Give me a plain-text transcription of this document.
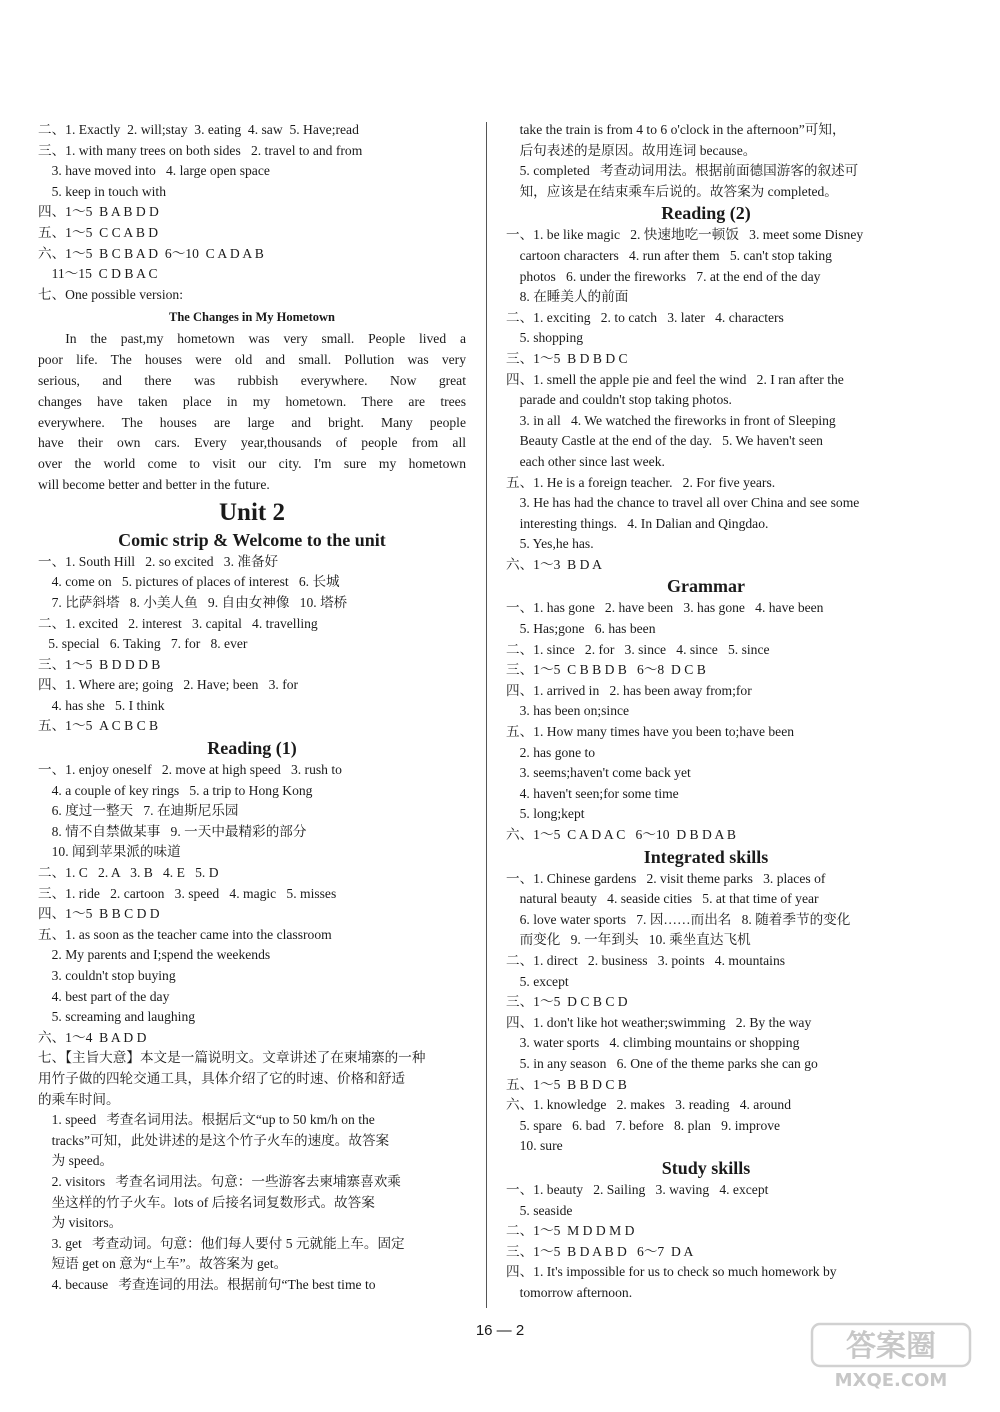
二、1. Exactly  2. will;stay  3. eating  4. saw  5. Have;read
三、1. with many trees on both sides   2. travel to and from
3. have moved into   4. large open space
5. keep in touch with
四、1～5  B A B D D
五、1～5  C C A B D
六、1～5  B C B A D  6～10  C A D A B
11～15  C D B A C
七、One possible version:
The Changes in My Hometown
In the past,my hometown was very small. People lived a
poor life. The houses were old and small. Pollution was very
serious, and there was rubbish everywhere. Now great
changes have taken place in my hometown. There are trees
everywhere. The houses are large and bright. Many people
have their own cars. Every year,thousands of people from all
over the world come to visit our city. I'm sure my hometown
will become better and better in the future.
Unit 2
Comic strip & Welcome to the unit
一、1. South Hill   2. so excited   3. 准备好
4. come on   5. pictures of places of interest   6. 长城
7. 比萨斜塔   8. 小美人鱼   9. 自由女神像   10. 塔桥
二、1. excited   2. interest   3. capital   4. travelling
5. special   6. Taking   7. for   8. ever
三、1～5  B D D D B
四、1. Where are; going   2. Have; been   3. for
4. has she   5. I think
五、1～5  A C B C B
Reading (1)
一、1. enjoy oneself   2. move at high speed   3. rush to
4. a couple of key rings   5. a trip to Hong Kong
6. 度过一整天   7. 在迪斯尼乐园
8. 情不自禁做某事   9. 一天中最精彩的部分
10. 闻到苹果派的味道
二、1. C   2. A   3. B   4. E   5. D
三、1. ride   2. cartoon   3. speed   4. magic   5. misses
四、1～5  B B C D D
五、1. as soon as the teacher came into the classroom
2. My parents and I;spend the weekends
3. couldn't stop buying
4. best part of the day
5. screaming and laughing
六、1～4  B A D D
七、【主旨大意】本文是一篇说明文。文章讲述了在柬埔寨的一种
用竹子做的四轮交通工具，具体介绍了它的时速、价格和舒适
的乘车时间。
1. speed   考查名词用法。根据后文“up to 50 km/h on the
tracks”可知，此处讲述的是这个竹子火车的速度。故答案
为 speed。
2. visitors   考查名词用法。句意：一些游客去柬埔寨喜欢乘
坐这样的竹子火车。lots of 后接名词复数形式。故答案
为 visitors。
3. get   考查动词。句意：他们每人要付 5 元就能上车。固定
短语 get on 意为“上车”。故答案为 get。
4. because   考查连词的用法。根据前句“The best time to
take the train is from 4 to 6 o'clock in the afternoon”可知，
后句表述的是原因。故用连词 because。
5. completed   考查动词用法。根据前面德国游客的叙述可
知，应该是在结束乘车后说的。故答案为 completed。
Reading (2)
一、1. be like magic   2. 快速地吃一顿饭   3. meet some Disney
cartoon characters   4. run after them   5. can't stop taking
photos   6. under the fireworks   7. at the end of the day
8. 在睡美人的前面
二、1. exciting   2. to catch   3. later   4. characters
5. shopping
三、1～5  B D B D C
四、1. smell the apple pie and feel the wind   2. I ran after the
parade and couldn't stop taking photos.
3. in all   4. We watched the fireworks in front of Sleeping
Beauty Castle at the end of the day.   5. We haven't seen
each other since last week.
五、1. He is a foreign teacher.   2. For five years.
3. He has had the chance to travel all over China and see some
interesting things.   4. In Dalian and Qingdao.
5. Yes,he has.
六、1～3  B D A
Grammar
一、1. has gone   2. have been   3. has gone   4. have been
5. Has;gone   6. has been
二、1. since   2. for   3. since   4. since   5. since
三、1～5  C B B D B   6～8  D C B
四、1. arrived in   2. has been away from;for
3. has been on;since
五、1. How many times have you been to;have been
2. has gone to
3. seems;haven't come back yet
4. haven't seen;for some time
5. long;kept
六、1～5  C A D A C   6～10  D B D A B
Integrated skills
一、1. Chinese gardens   2. visit theme parks   3. places of
natural beauty   4. seaside cities   5. at that time of year
6. love water sports   7. 因……而出名   8. 随着季节的变化
而变化   9. 一年到头   10. 乘坐直达飞机
二、1. direct   2. business   3. points   4. mountains
5. except
三、1～5  D C B C D
四、1. don't like hot weather;swimming   2. By the way
3. water sports   4. climbing mountains or shopping
5. in any season   6. One of the theme parks she can go
五、1～5  B B D C B
六、1. knowledge   2. makes   3. reading   4. around
5. spare   6. bad   7. before   8. plan   9. improve
10. sure
Study skills
一、1. beauty   2. Sailing   3. waving   4. except
5. seaside
二、1～5  M D D M D
三、1～5  B D A B D   6～7  D A
四、1. It's impossible for us to check so much homework by
tomorrow afternoon.
16 — 2	答案圈
MXQE.COM
